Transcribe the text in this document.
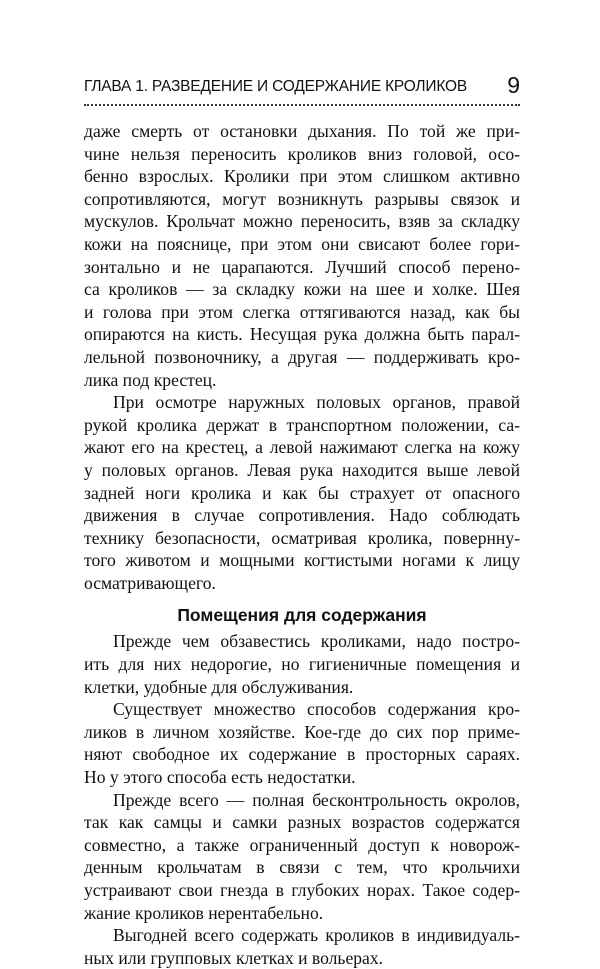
ГЛАВА 1. РАЗВЕДЕНИЕ И СОДЕРЖАНИЕ КРОЛИКОВ 9

даже смерть от остановки дыхания. По той же при-
чине нельзя переносить кроликов вниз головой, осо-
бенно взрослых. Кролики при этом слишком активно
сопротивляются, могут возникнуть разрывы связок и
мускулов. Крольчат можно переносить, взяв за складку
кожи на пояснице, при этом они свисают более гори-
зонтально и не царапаются. Лучший способ перено-
са кроликов — за складку кожи на шее и холке. Шея
и голова при этом слегка оттягиваются назад, как бы
опираются на кисть. Несущая рука должна быть парал-
лельной позвоночнику, а другая — поддерживать кро-
лика под крестец.

При осмотре наружных половых органов, правой
рукой кролика держат в транспортном положении, са-
жают его на крестец, а левой нажимают слегка на кожу
у половых органов. Левая рука находится выше левой
задней ноги кролика и как бы страхует от опасного
движения в случае сопротивления. Надо соблюдать
технику безопасности, осматривая кролика, повернну-
того животом и мощными когтистыми ногами к лицу
осматривающего.

Помещения для содержания

Прежде чем обзавестись кроликами, надо постро-
ить для них недорогие, но гигиеничные помещения и
клетки, удобные для обслуживания.

Существует множество способов содержания кро-
ликов в личном хозяйстве. Кое-где до сих пор приме-
няют свободное их содержание в просторных сараях.
Но у этого способа есть недостатки.

Прежде всего — полная бесконтрольность окролов,
так как самцы и самки разных возрастов содержатся
совместно, а также ограниченный доступ к новорож-
денным крольчатам в связи с тем, что крольчихи
устраивают свои гнезда в глубоких норах. Такое содер-
жание кроликов нерентабельно.

Выгодней всего содержать кроликов в индивидуаль-
ных или групповых клетках и вольерах.
